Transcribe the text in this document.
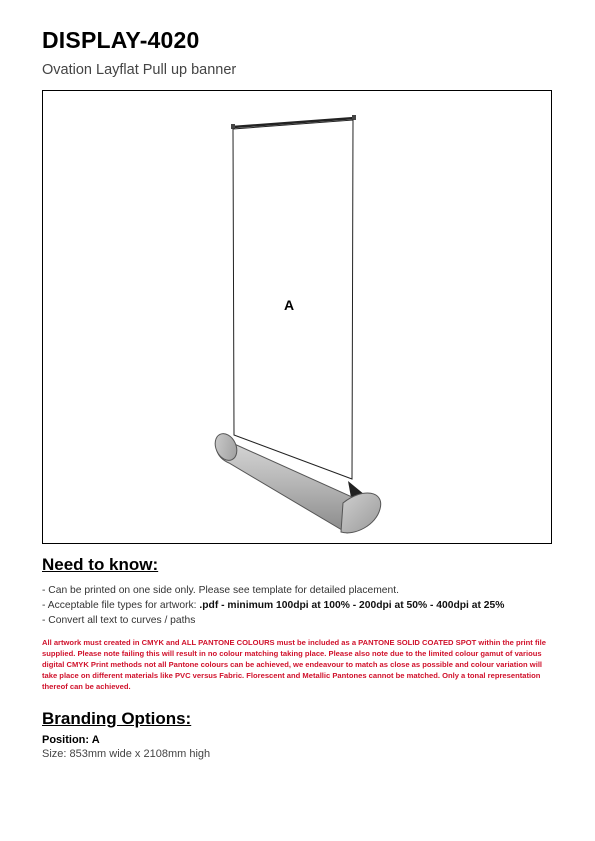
DISPLAY-4020
Ovation Layflat Pull up banner
A
Need to know:
- Can be printed on one side only. Please see template for detailed placement.
- Acceptable file types for artwork: .pdf - minimum 100dpi at 100% - 200dpi at 50% - 400dpi at 25%
- Convert all text to curves / paths
All artwork must created in CMYK and ALL PANTONE COLOURS must be included as a PANTONE SOLID COATED SPOT within the print file supplied. Please note failing this will result in no colour matching taking place. Please also note due to the limited colour gamut of various digital CMYK Print methods not all Pantone colours can be achieved, we endeavour to match as close as possible and colour variation will take place on different materials like PVC versus Fabric. Florescent and Metallic Pantones cannot be matched. Only a tonal representation thereof can be achieved.
Branding Options:
Position: A
Size: 853mm wide x 2108mm high
